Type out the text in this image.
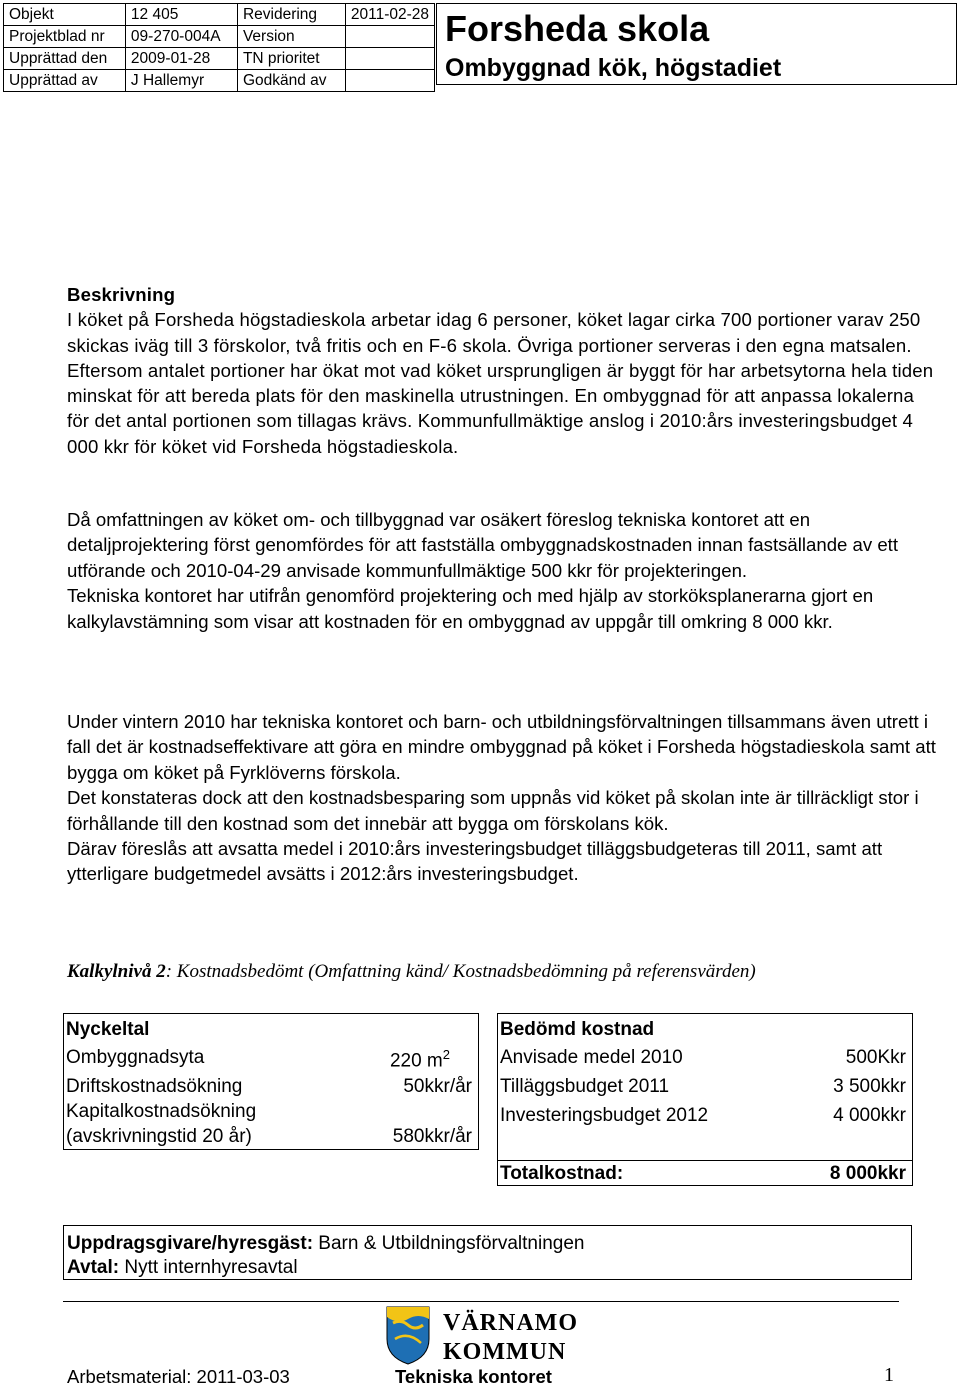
Objekt	12 405	Revidering	2011-02-28
Projektblad nr	09-270-004A	Version	
Upprättad den	2009-01-28	TN prioritet	
Upprättad av	J Hallemyr	Godkänd av	
Forsheda skola
Ombyggnad kök, högstadiet

Beskrivning

I köket på Forsheda högstadieskola arbetar idag 6 personer, köket lagar cirka 700 portioner varav 250 skickas iväg till 3 förskolor, två fritis och en F-6 skola. Övriga portioner serveras i den egna matsalen. Eftersom antalet portioner har ökat mot vad köket ursprungligen är byggt för har arbetsytorna hela tiden minskat för att bereda plats för den maskinella utrustningen. En ombyggnad för att anpassa lokalerna för det antal portionen som tillagas krävs. Kommunfullmäktige anslog i 2010:års investeringsbudget 4 000 kkr för köket vid Forsheda högstadieskola.

Då omfattningen av köket om- och tillbyggnad var osäkert föreslog tekniska kontoret att en detaljprojektering först genomfördes för att fastställa ombyggnadskostnaden innan fastsällande av ett utförande och 2010-04-29 anvisade kommunfullmäktige 500 kkr för projekteringen.

Tekniska kontoret har utifrån genomförd projektering och med hjälp av storköksplanerarna gjort en kalkylavstämning som visar att kostnaden för en ombyggnad av uppgår till omkring 8 000 kkr.

Under vintern 2010 har tekniska kontoret och barn- och utbildningsförvaltningen tillsammans även utrett i fall det är kostnadseffektivare att göra en mindre ombyggnad på köket i Forsheda högstadieskola samt att bygga om köket på Fyrklöverns förskola.

Det konstateras dock att den kostnadsbesparing som uppnås vid köket på skolan inte är tillräckligt stor i förhållande till den kostnad som det innebär att bygga om förskolans kök.

Därav föreslås att avsatta medel i 2010:års investeringsbudget tilläggsbudgeteras till 2011, samt att ytterligare budgetmedel avsätts i 2012:års investeringsbudget.

Kalkylnivå 2: Kostnadsbedömt (Omfattning känd/ Kostnadsbedömning på referensvärden)
Nyckeltal
Ombyggnadsyta	220 $m^2$
Driftskostnadsökning	50kkr/år
Kapitalkostnadsökning
(avskrivningstid 20 år)	580kkr/år
Bedömd kostnad
Anvisade medel 2010	500Kkr
Tilläggsbudget 2011	3 500kkr
Investeringsbudget 2012	4 000kkr
Totalkostnad:	8 000kkr
Uppdragsgivare/hyresgäst: Barn & Utbildningsförvaltningen
Avtal: Nytt internhyresavtal
VÄRNAMO
KOMMUN
Arbetsmaterial: 2011-03-03	Tekniska kontoret	1
